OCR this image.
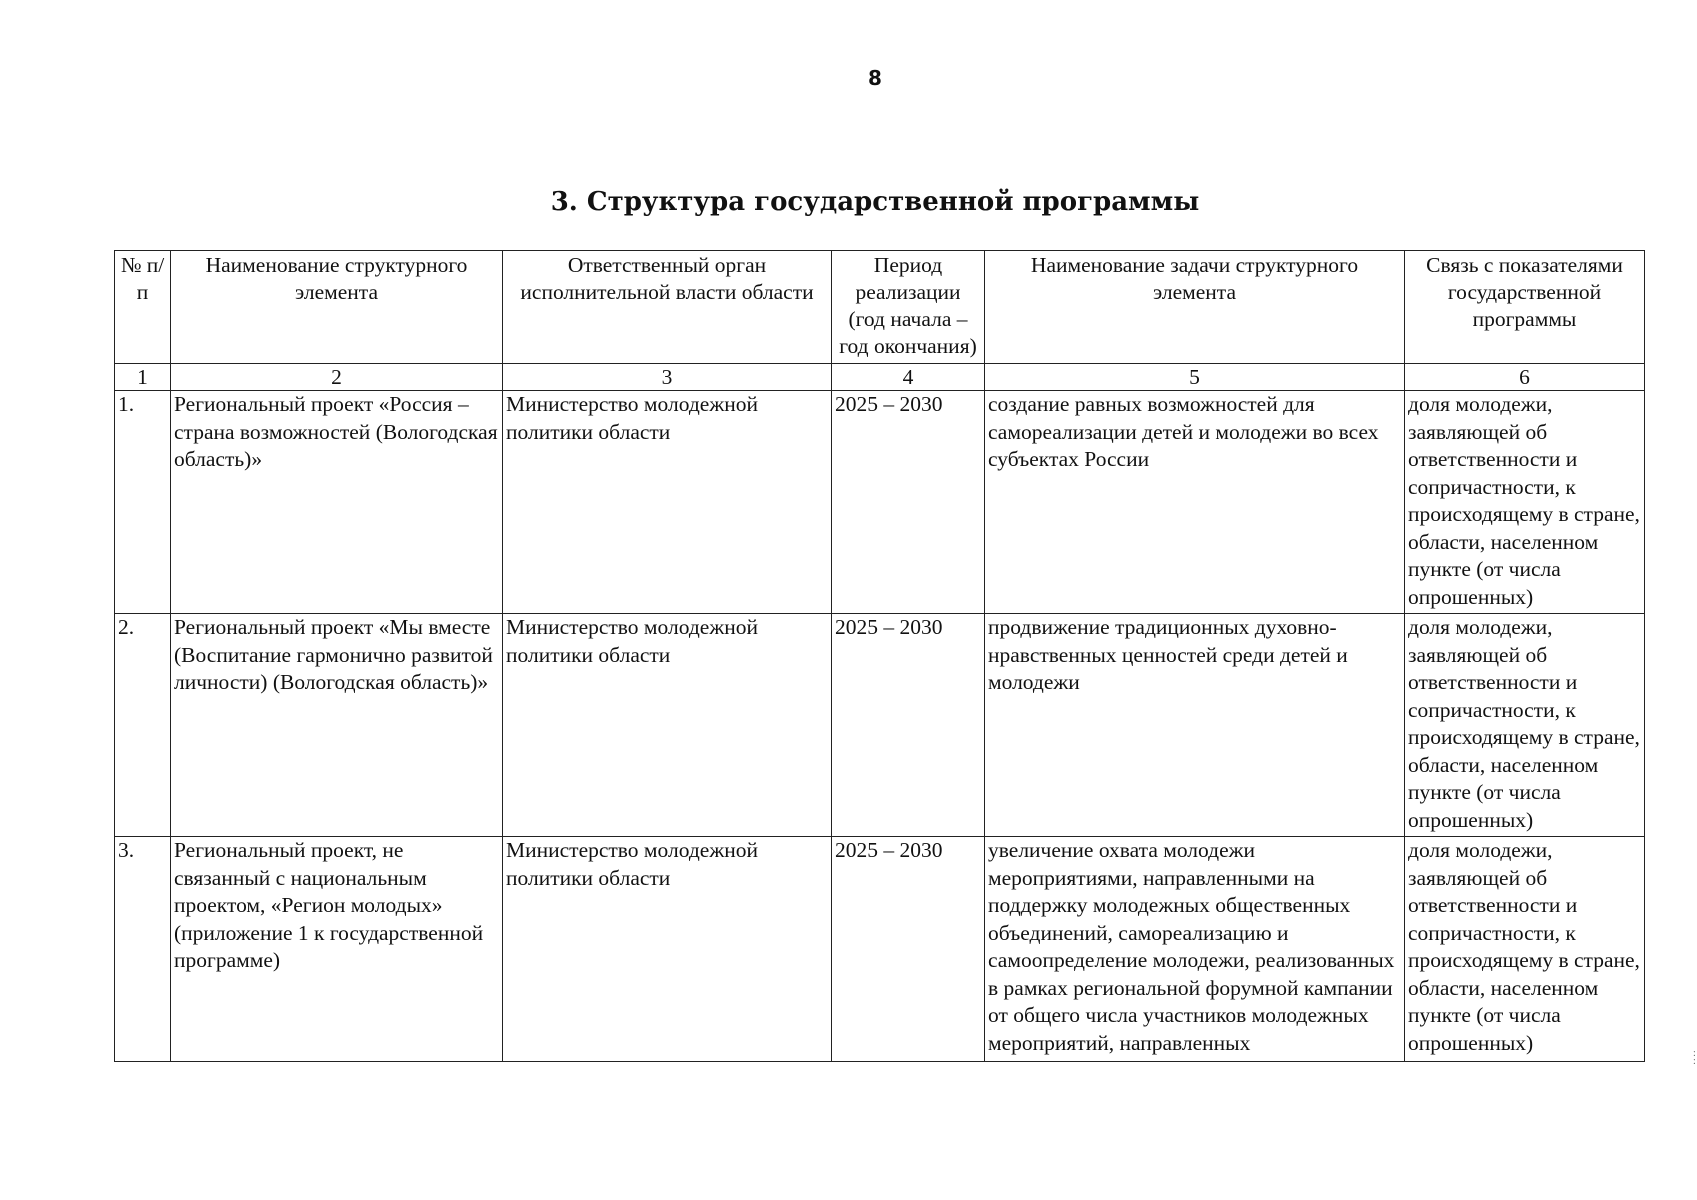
8
3. Структура государственной программы
№ п/п	Наименование структурного элемента	Ответственный орган исполнительной власти области	Период реализации (год начала – год окончания)	Наименование задачи структурного элемента	Связь с показателями государственной программы
1	2	3	4	5	6
1.	Региональный проект «Россия – страна возможностей (Вологодская область)»	Министерство молодежной политики области	2025 – 2030	создание равных возможностей для самореализации детей и молодежи во всех субъектах России	доля молодежи, заявляющей об ответственности и сопричастности, к происходящему в стране, области, населенном пункте (от числа опрошенных)
2.	Региональный проект «Мы вместе (Воспитание гармонично развитой личности) (Вологодская область)»	Министерство молодежной политики области	2025 – 2030	продвижение традиционных духовно-нравственных ценностей среди детей и молодежи	доля молодежи, заявляющей об ответственности и сопричастности, к происходящему в стране, области, населенном пункте (от числа опрошенных)
3.	Региональный проект, не связанный с национальным проектом, «Регион молодых» (приложение 1 к государственной программе)	Министерство молодежной политики области	2025 – 2030	увеличение охвата молодежи мероприятиями, направленными на поддержку молодежных общественных объединений, самореализацию и самоопределение молодежи, реализованных в рамках региональной форумной кампании от общего числа участников молодежных мероприятий, направленных	доля молодежи, заявляющей об ответственности и сопричастности, к происходящему в стране, области, населенном пункте (от числа опрошенных)	:
:
